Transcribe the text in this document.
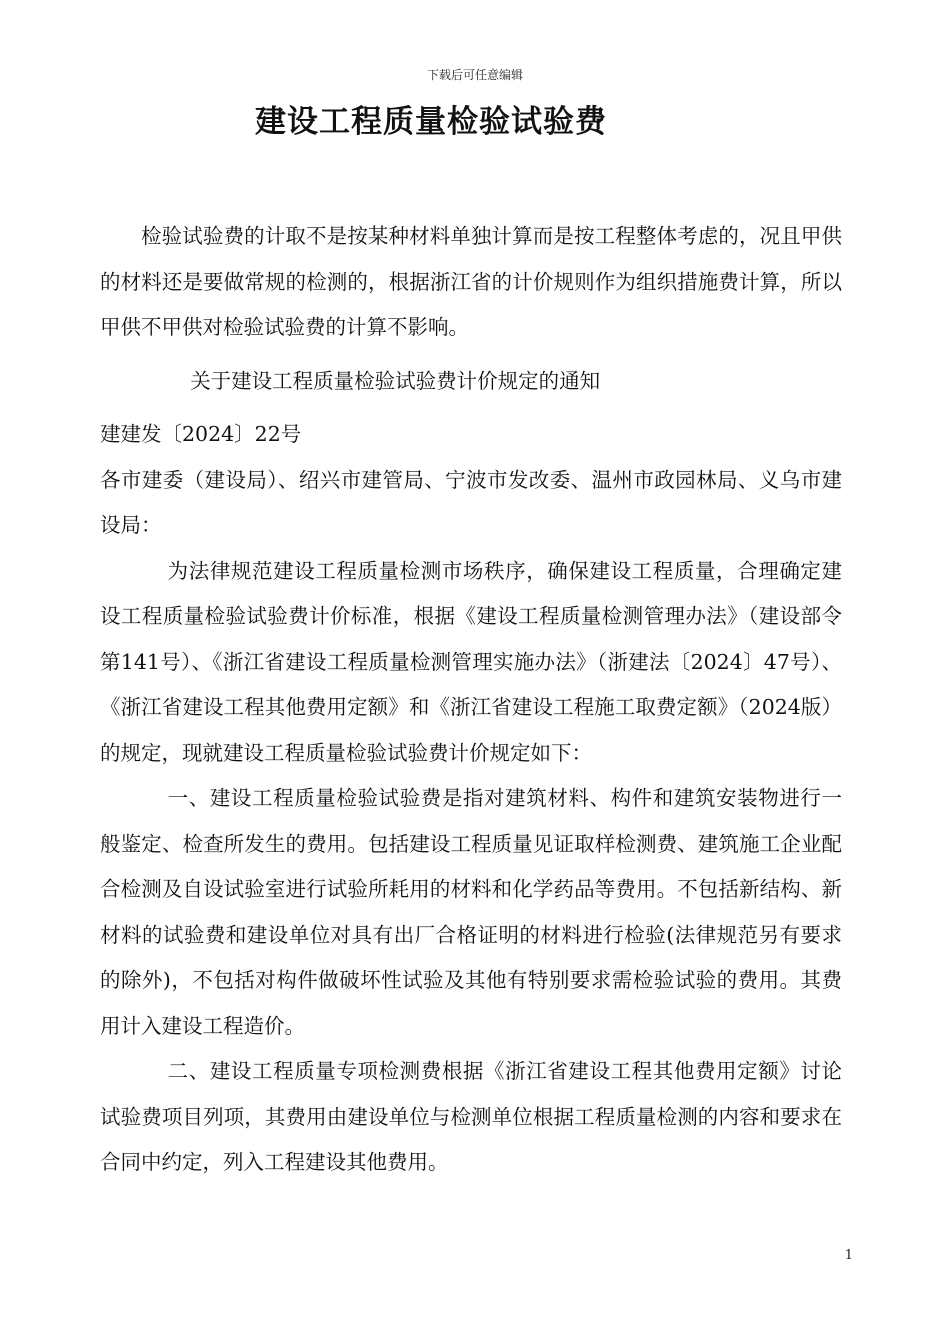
下载后可任意编辑
建设工程质量检验试验费

检验试验费的计取不是按某种材料单独计算而是按工程整体考虑的，况且甲供的材料还是要做常规的检测的，根据浙江省的计价规则作为组织措施费计算，所以甲供不甲供对检验试验费的计算不影响。

关于建设工程质量检验试验费计价规定的通知

建建发〔2024〕22号

各市建委（建设局）、绍兴市建管局、宁波市发改委、温州市政园林局、义乌市建设局：

为法律规范建设工程质量检测市场秩序，确保建设工程质量，合理确定建设工程质量检验试验费计价标准，根据《建设工程质量检测管理办法》（建设部令第141号）、《浙江省建设工程质量检测管理实施办法》（浙建法〔2024〕47号）、《浙江省建设工程其他费用定额》和《浙江省建设工程施工取费定额》（2024版）的规定，现就建设工程质量检验试验费计价规定如下：

一、建设工程质量检验试验费是指对建筑材料、构件和建筑安装物进行一般鉴定、检查所发生的费用。包括建设工程质量见证取样检测费、建筑施工企业配合检测及自设试验室进行试验所耗用的材料和化学药品等费用。不包括新结构、新材料的试验费和建设单位对具有出厂合格证明的材料进行检验(法律规范另有要求的除外)，不包括对构件做破坏性试验及其他有特别要求需检验试验的费用。其费用计入建设工程造价。

二、建设工程质量专项检测费根据《浙江省建设工程其他费用定额》讨论试验费项目列项，其费用由建设单位与检测单位根据工程质量检测的内容和要求在合同中约定，列入工程建设其他费用。

1
